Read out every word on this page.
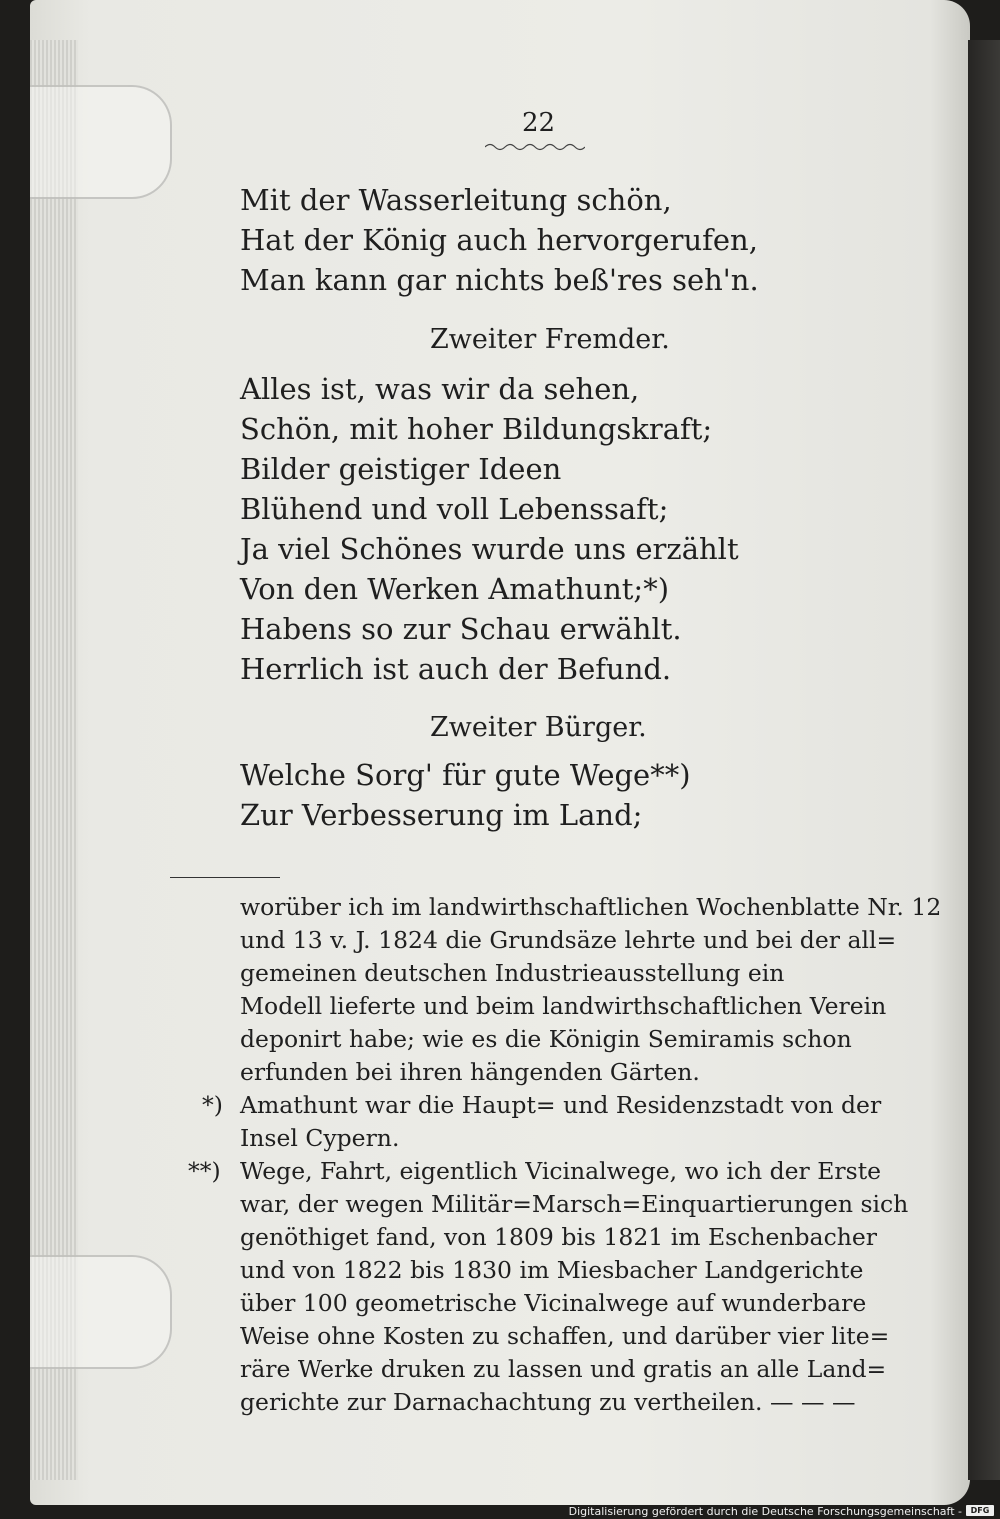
22
Mit der Wasserleitung schön,
Hat der König auch hervorgerufen,
Man kann gar nichts beß'res seh'n.
Zweiter Fremder.
Alles ist, was wir da sehen,
Schön, mit hoher Bildungskraft;
Bilder geistiger Ideen
Blühend und voll Lebenssaft;
Ja viel Schönes wurde uns erzählt
Von den Werken Amathunt;*)
Habens so zur Schau erwählt.
Herrlich ist auch der Befund.
Zweiter Bürger.
Welche Sorg' für gute Wege**)
Zur Verbesserung im Land;
worüber ich im landwirthschaftlichen Wochenblatte Nr. 12
und 13 v. J. 1824 die Grundsäze lehrte und bei der all=
gemeinen deutschen Industrieausstellung ein
Modell lieferte und beim landwirthschaftlichen Verein
deponirt habe; wie es die Königin Semiramis schon
erfunden bei ihren hängenden Gärten.
*) Amathunt war die Haupt= und Residenzstadt von der
Insel Cypern.
**) Wege, Fahrt, eigentlich Vicinalwege, wo ich der Erste
war, der wegen Militär=Marsch=Einquartierungen sich
genöthiget fand, von 1809 bis 1821 im Eschenbacher
und von 1822 bis 1830 im Miesbacher Landgerichte
über 100 geometrische Vicinalwege auf wunderbare
Weise ohne Kosten zu schaffen, und darüber vier lite=
räre Werke druken zu lassen und gratis an alle Land=
gerichte zur Darnachachtung zu vertheilen. — — —
Digitalisierung gefördert durch die Deutsche Forschungsgemeinschaft -	DFG
